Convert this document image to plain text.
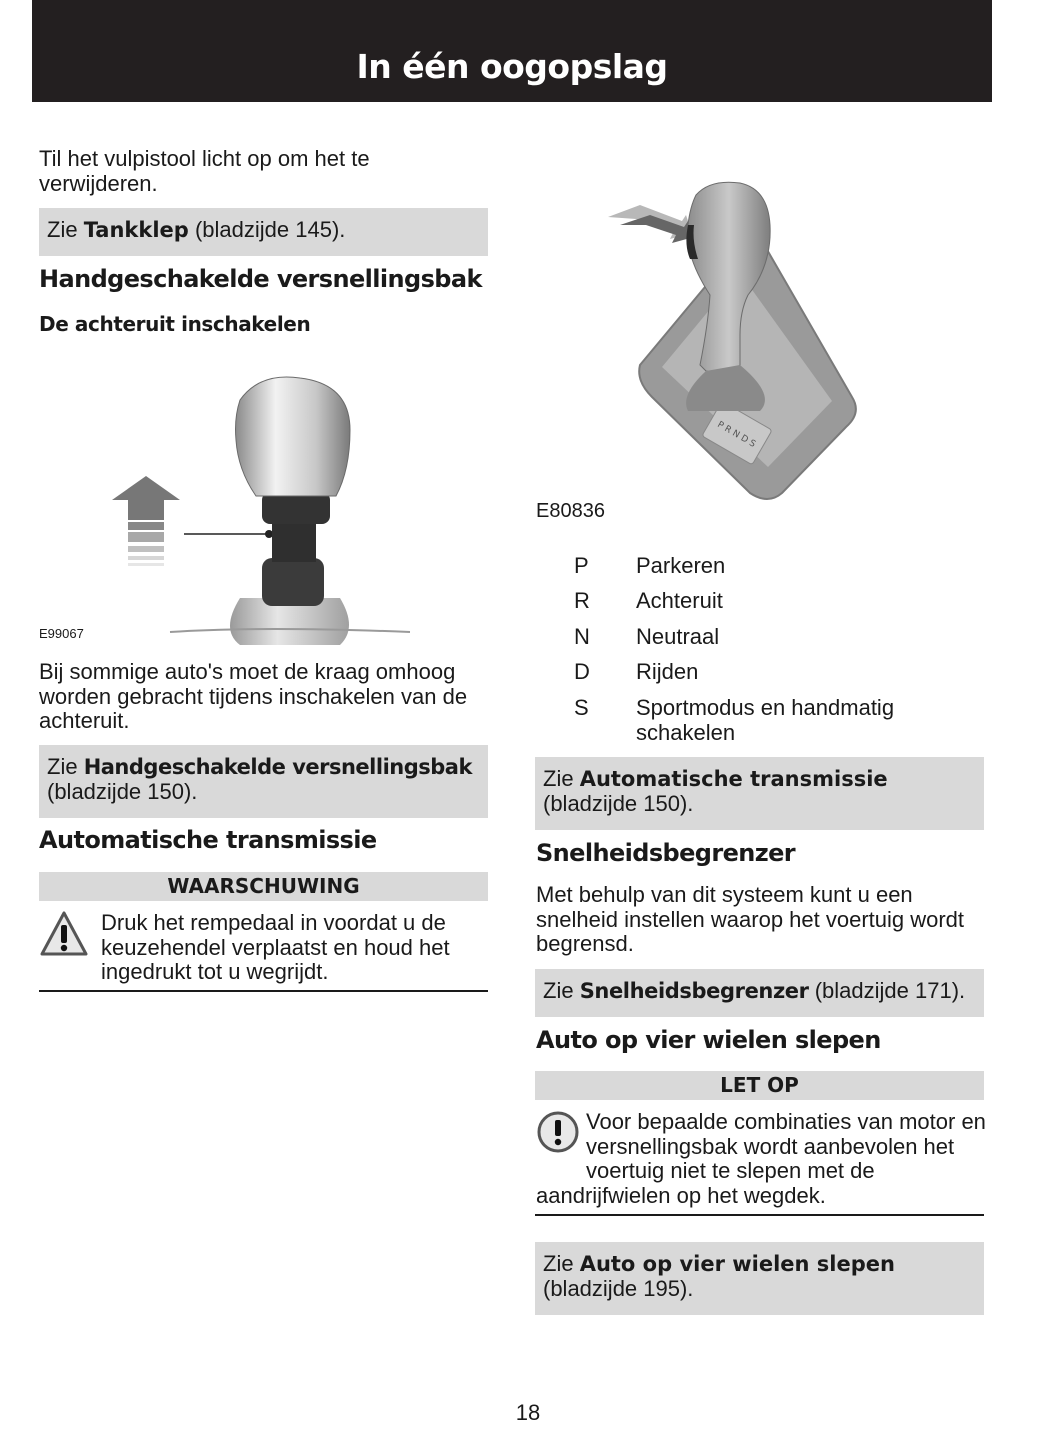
In één oogopslag

Til het vulpistool licht op om het te verwijderen.

Zie Tankklep (bladzijde 145).
Handgeschakelde versnellingsbak
De achteruit inschakelen
E99067

Bij sommige auto's moet de kraag omhoog worden gebracht tijdens inschakelen van de achteruit.

Zie Handgeschakelde versnellingsbak (bladzijde 150).
Automatische transmissie
WAARSCHUWING

Druk het rempedaal in voordat u de keuzehendel verplaatst en houd het ingedrukt tot u wegrijdt.

P R N D S
E80836
P	Parkeren
R	Achteruit
N	Neutraal
D	Rijden
S	Sportmodus en handmatig schakelen
Zie Automatische transmissie (bladzijde 150).
Snelheidsbegrenzer

Met behulp van dit systeem kunt u een snelheid instellen waarop het voertuig wordt begrensd.

Zie Snelheidsbegrenzer (bladzijde 171).
Auto op vier wielen slepen
LET OP
Voor bepaalde combinaties van motor en versnellingsbak wordt aanbevolen het voertuig niet te slepen met de aandrijfwielen op het wegdek.
Zie Auto op vier wielen slepen (bladzijde 195).
18
